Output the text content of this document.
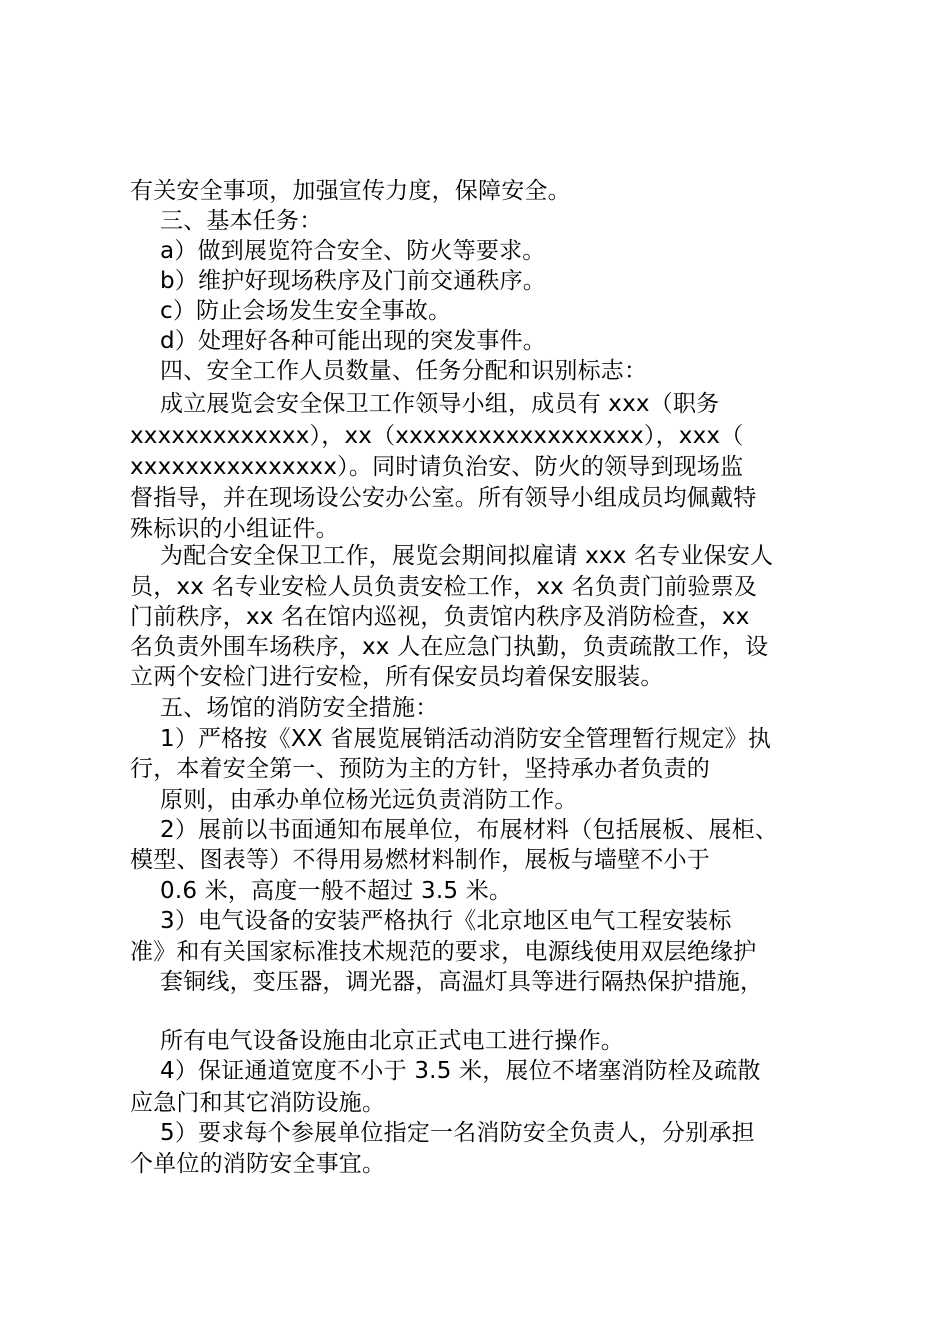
有关安全事项，加强宣传力度，保障安全。
三、基本任务：
a）做到展览符合安全、防火等要求。
b）维护好现场秩序及门前交通秩序。
c）防止会场发生安全事故。
d）处理好各种可能出现的突发事件。
四、安全工作人员数量、任务分配和识别标志：
成立展览会安全保卫工作领导小组，成员有 xxx（职务
xxxxxxxxxxxxx），xx（xxxxxxxxxxxxxxxxxx），xxx（
xxxxxxxxxxxxxxx）。同时请负治安、防火的领导到现场监
督指导，并在现场设公安办公室。所有领导小组成员均佩戴特
殊标识的小组证件。
为配合安全保卫工作，展览会期间拟雇请 xxx 名专业保安人
员，xx 名专业安检人员负责安检工作，xx 名负责门前验票及
门前秩序，xx 名在馆内巡视，负责馆内秩序及消防检查，xx
名负责外围车场秩序，xx 人在应急门执勤，负责疏散工作，设
立两个安检门进行安检，所有保安员均着保安服装。
五、场馆的消防安全措施：
1）严格按《XX 省展览展销活动消防安全管理暂行规定》执
行，本着安全第一、预防为主的方针，坚持承办者负责的
原则，由承办单位杨光远负责消防工作。
2）展前以书面通知布展单位，布展材料（包括展板、展柜、
模型、图表等）不得用易燃材料制作，展板与墙壁不小于
0.6 米，高度一般不超过 3.5 米。
3）电气设备的安装严格执行《北京地区电气工程安装标
准》和有关国家标准技术规范的要求，电源线使用双层绝缘护
套铜线，变压器，调光器，高温灯具等进行隔热保护措施，
所有电气设备设施由北京正式电工进行操作。
4）保证通道宽度不小于 3.5 米，展位不堵塞消防栓及疏散
应急门和其它消防设施。
5）要求每个参展单位指定一名消防安全负责人，分别承担
个单位的消防安全事宜。
